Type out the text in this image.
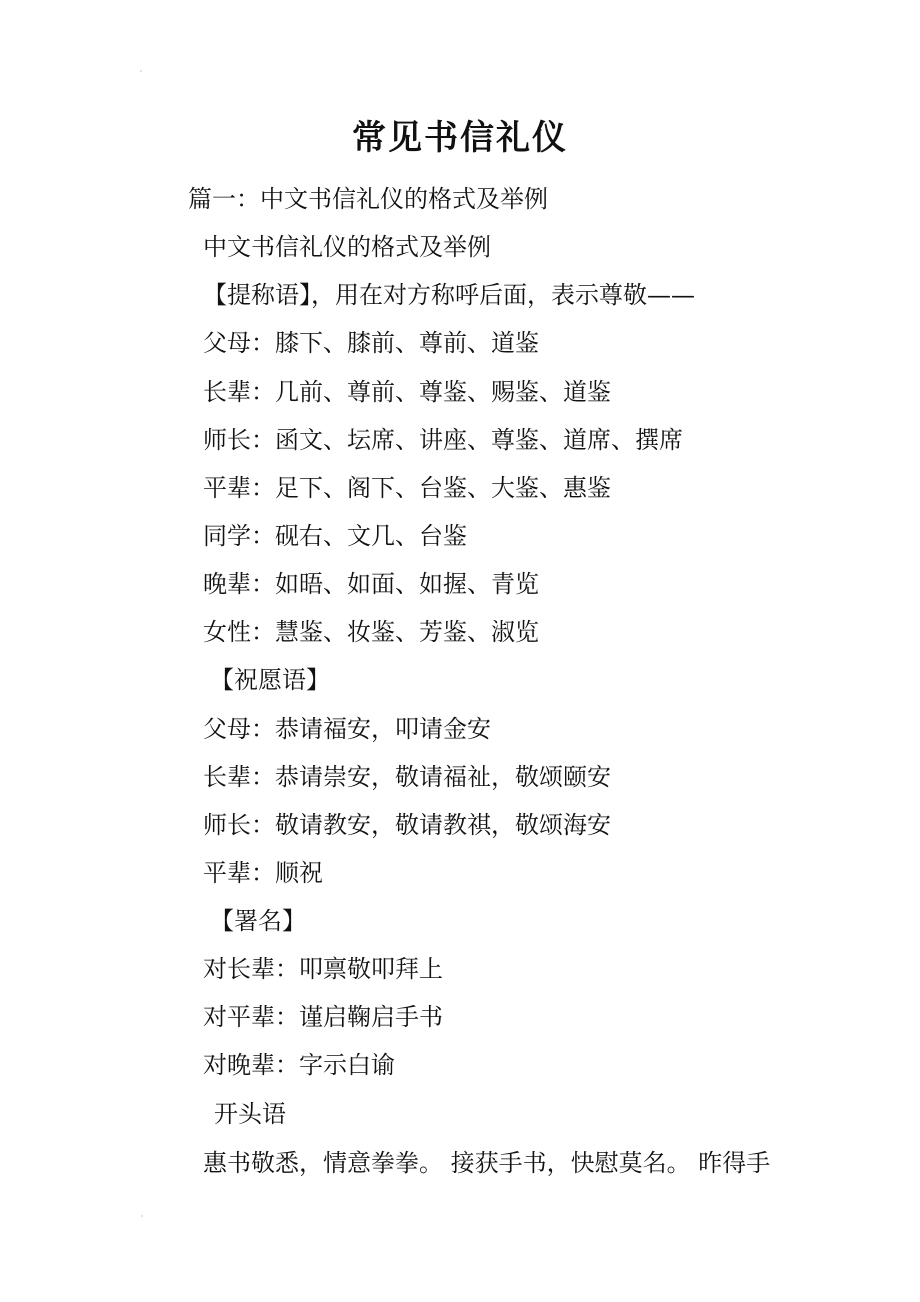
常见书信礼仪
篇一：中文书信礼仪的格式及举例
中文书信礼仪的格式及举例
【提称语】，用在对方称呼后面，表示尊敬——
父母：膝下、膝前、尊前、道鉴
长辈：几前、尊前、尊鉴、赐鉴、道鉴
师长：函文、坛席、讲座、尊鉴、道席、撰席
平辈：足下、阁下、台鉴、大鉴、惠鉴
同学：砚右、文几、台鉴
晚辈：如晤、如面、如握、青览
女性：慧鉴、妆鉴、芳鉴、淑览
【祝愿语】
父母：恭请福安，叩请金安
长辈：恭请崇安，敬请福祉，敬颂颐安
师长：敬请教安，敬请教祺，敬颂海安
平辈：顺祝
【署名】
对长辈：叩禀敬叩拜上
对平辈：谨启鞠启手书
对晚辈：字示白谕
开头语
惠书敬悉，情意拳拳。 接获手书，快慰莫名。 昨得手
